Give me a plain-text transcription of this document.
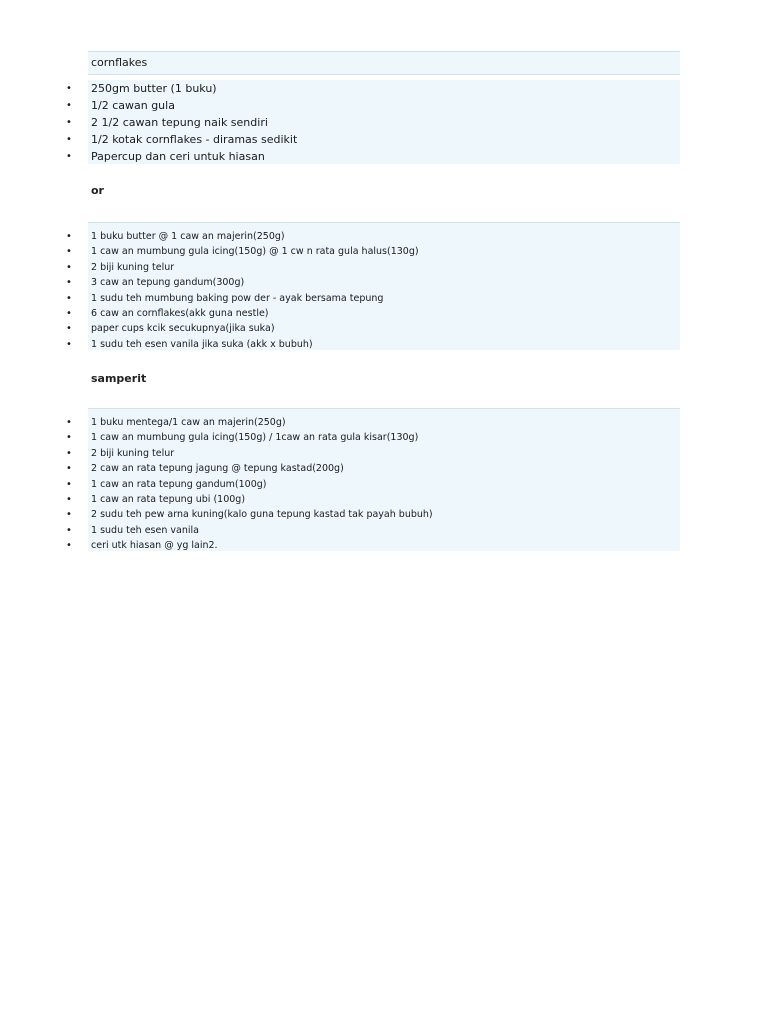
cornflakes
• 250gm butter (1 buku)
• 1/2 cawan gula
• 2 1/2 cawan tepung naik sendiri
• 1/2 kotak cornflakes - diramas sedikit
• Papercup dan ceri untuk hiasan
or
• 1 buku butter @ 1 caw an majerin(250g)
• 1 caw an mumbung gula icing(150g) @ 1 cw n rata gula halus(130g)
• 2 biji kuning telur
• 3 caw an tepung gandum(300g)
• 1 sudu teh mumbung baking pow der - ayak bersama tepung
• 6 caw an cornflakes(akk guna nestle)
• paper cups kcik secukupnya(jika suka)
• 1 sudu teh esen vanila jika suka (akk x bubuh)
samperit
• 1 buku mentega/1 caw an majerin(250g)
• 1 caw an mumbung gula icing(150g) / 1caw an rata gula kisar(130g)
• 2 biji kuning telur
• 2 caw an rata tepung jagung @ tepung kastad(200g)
• 1 caw an rata tepung gandum(100g)
• 1 caw an rata tepung ubi (100g)
• 2 sudu teh pew arna kuning(kalo guna tepung kastad tak payah bubuh)
• 1 sudu teh esen vanila
• ceri utk hiasan @ yg lain2.
